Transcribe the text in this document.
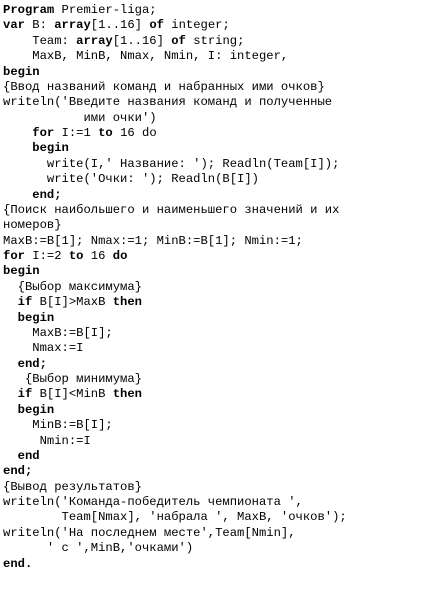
Program Premier-liga;
var B: array[1..16] of integer;
Team: array[1..16] of string;
MaxB, MinB, Nmax, Nmin, I: integer,
begin
{Ввод названий команд и набранных ими очков}
writeln('Введите названия команд и полученные
ими очки')
for I:=1 to 16 do
begin
write(I,' Название: '); Readln(Team[I]);
write('Очки: '); Readln(B[I])
end;
{Поиск наибольшего и наименьшего значений и их
номеров}
MaxB:=B[1]; Nmax:=1; MinB:=B[1]; Nmin:=1;
for I:=2 to 16 do
begin
{Выбор максимума}
if B[I]>MaxB then
begin
MaxB:=B[I];
Nmax:=I
end;
{Выбор минимума}
if B[I]<MinB then
begin
MinB:=B[I];
Nmin:=I
end
end;
{Вывод результатов}
writeln('Команда-победитель чемпионата ',
Team[Nmax], 'набрала ', MaxB, 'очков');
writeln('На последнем месте',Team[Nmin],
' с ',MinB,'очками')
end.
